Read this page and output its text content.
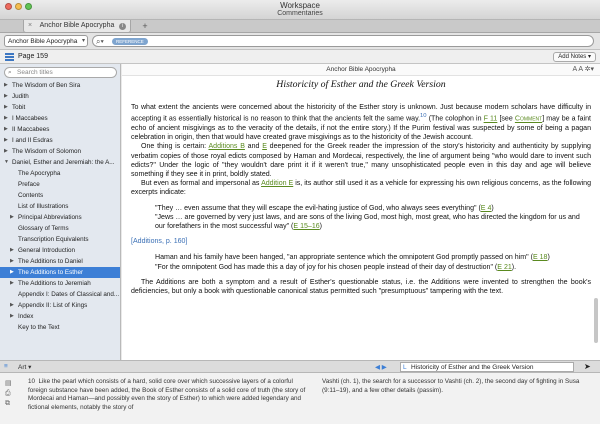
Workspace
Commentaries
× Anchor Bible Apocrypha	i	+
Anchor Bible Apocrypha ▾ ⌕▾	REFERENCE
Page 159	Add Notes ▾
⌕ Search titles
▶ The Wisdom of Ben Sira
▶ Judith
▶ Tobit
▶ I Maccabees
▶ II Maccabees
▶ I and II Esdras
▶ The Wisdom of Solomon
▼ Daniel, Esther and Jeremiah: the A...
The Apocrypha
Preface
Contents
List of Illustrations
▶ Principal Abbreviations
Glossary of Terms
Transcription Equivalents
▶ General Introduction
▶ The Additions to Daniel
▶ The Additions to Esther
▶ The Additions to Jeremiah
Appendix I: Dates of Classical and...
▶ Appendix II: List of Kings
▶ Index
Key to the Text
Anchor Bible Apocrypha	A A ✲▾
Historicity of Esther and the Greek Version

To what extent the ancients were concerned about the historicity of the Esther story is unknown. Just because modern scholars have difficulty in accepting it as essentially historical is no reason to think that the ancients felt the same way.$^{10}$ (The colophon in F 11 [see Comment] may be a faint echo of ancient misgivings as to the veracity of the details, if not the entire story.) If the Purim festival was suspected by some of being a pagan celebration in origin, then that would have created grave misgivings as to the historicity of the Jewish account.

One thing is certain: Additions B and E deepened for the Greek reader the impression of the story's historicity and authenticity by supplying verbatim copies of those royal edicts composed by Haman and Mordecai, respectively, the line of argument being "who would dare to invent such edicts?" Under the logic of "they wouldn't dare print it if it weren't true," many unsophisticated people even in this day and age will believe something if they see it in print, boldly stated.

But even as formal and impersonal as Addition E is, its author still used it as a vehicle for expressing his own religious concerns, as the following excerpts indicate:

"They … even assume that they will escape the evil-hating justice of God, who always sees everything" (E 4)
"Jews … are governed by very just laws, and are sons of the living God, most high, most great, who has directed the kingdom for us and our forefathers in the most successful way" (E 15–16)
[Additions, p. 160]
Haman and his family have been hanged, "an appropriate sentence which the omnipotent God promptly passed on him" (E 18)
"For the omnipotent God has made this a day of joy for his chosen people instead of their day of destruction" (E 21).

The Additions are both a symptom and a result of Esther's questionable status, i.e. the Additions were invented to strengthen the book's deficiencies, but only a book with questionable canonical status permitted such "presumptuous" tampering with the text.

≡ Art ▾	◀ ▶ L Historicity of Esther and the Greek Version	➤
▤
⎙
⧉
10 Like the pearl which consists of a hard, solid core over which successive layers of a colorful foreign substance have been added, the Book of Esther consists of a solid core of truth (the story of Mordecai and Haman—and possibly even the story of Esther) to which were added legendary and fictional elements, notably the story of
Vashti (ch. 1), the search for a successor to Vashti (ch. 2), the second day of fighting in Susa (9:11–19), and a few other details (passim).
